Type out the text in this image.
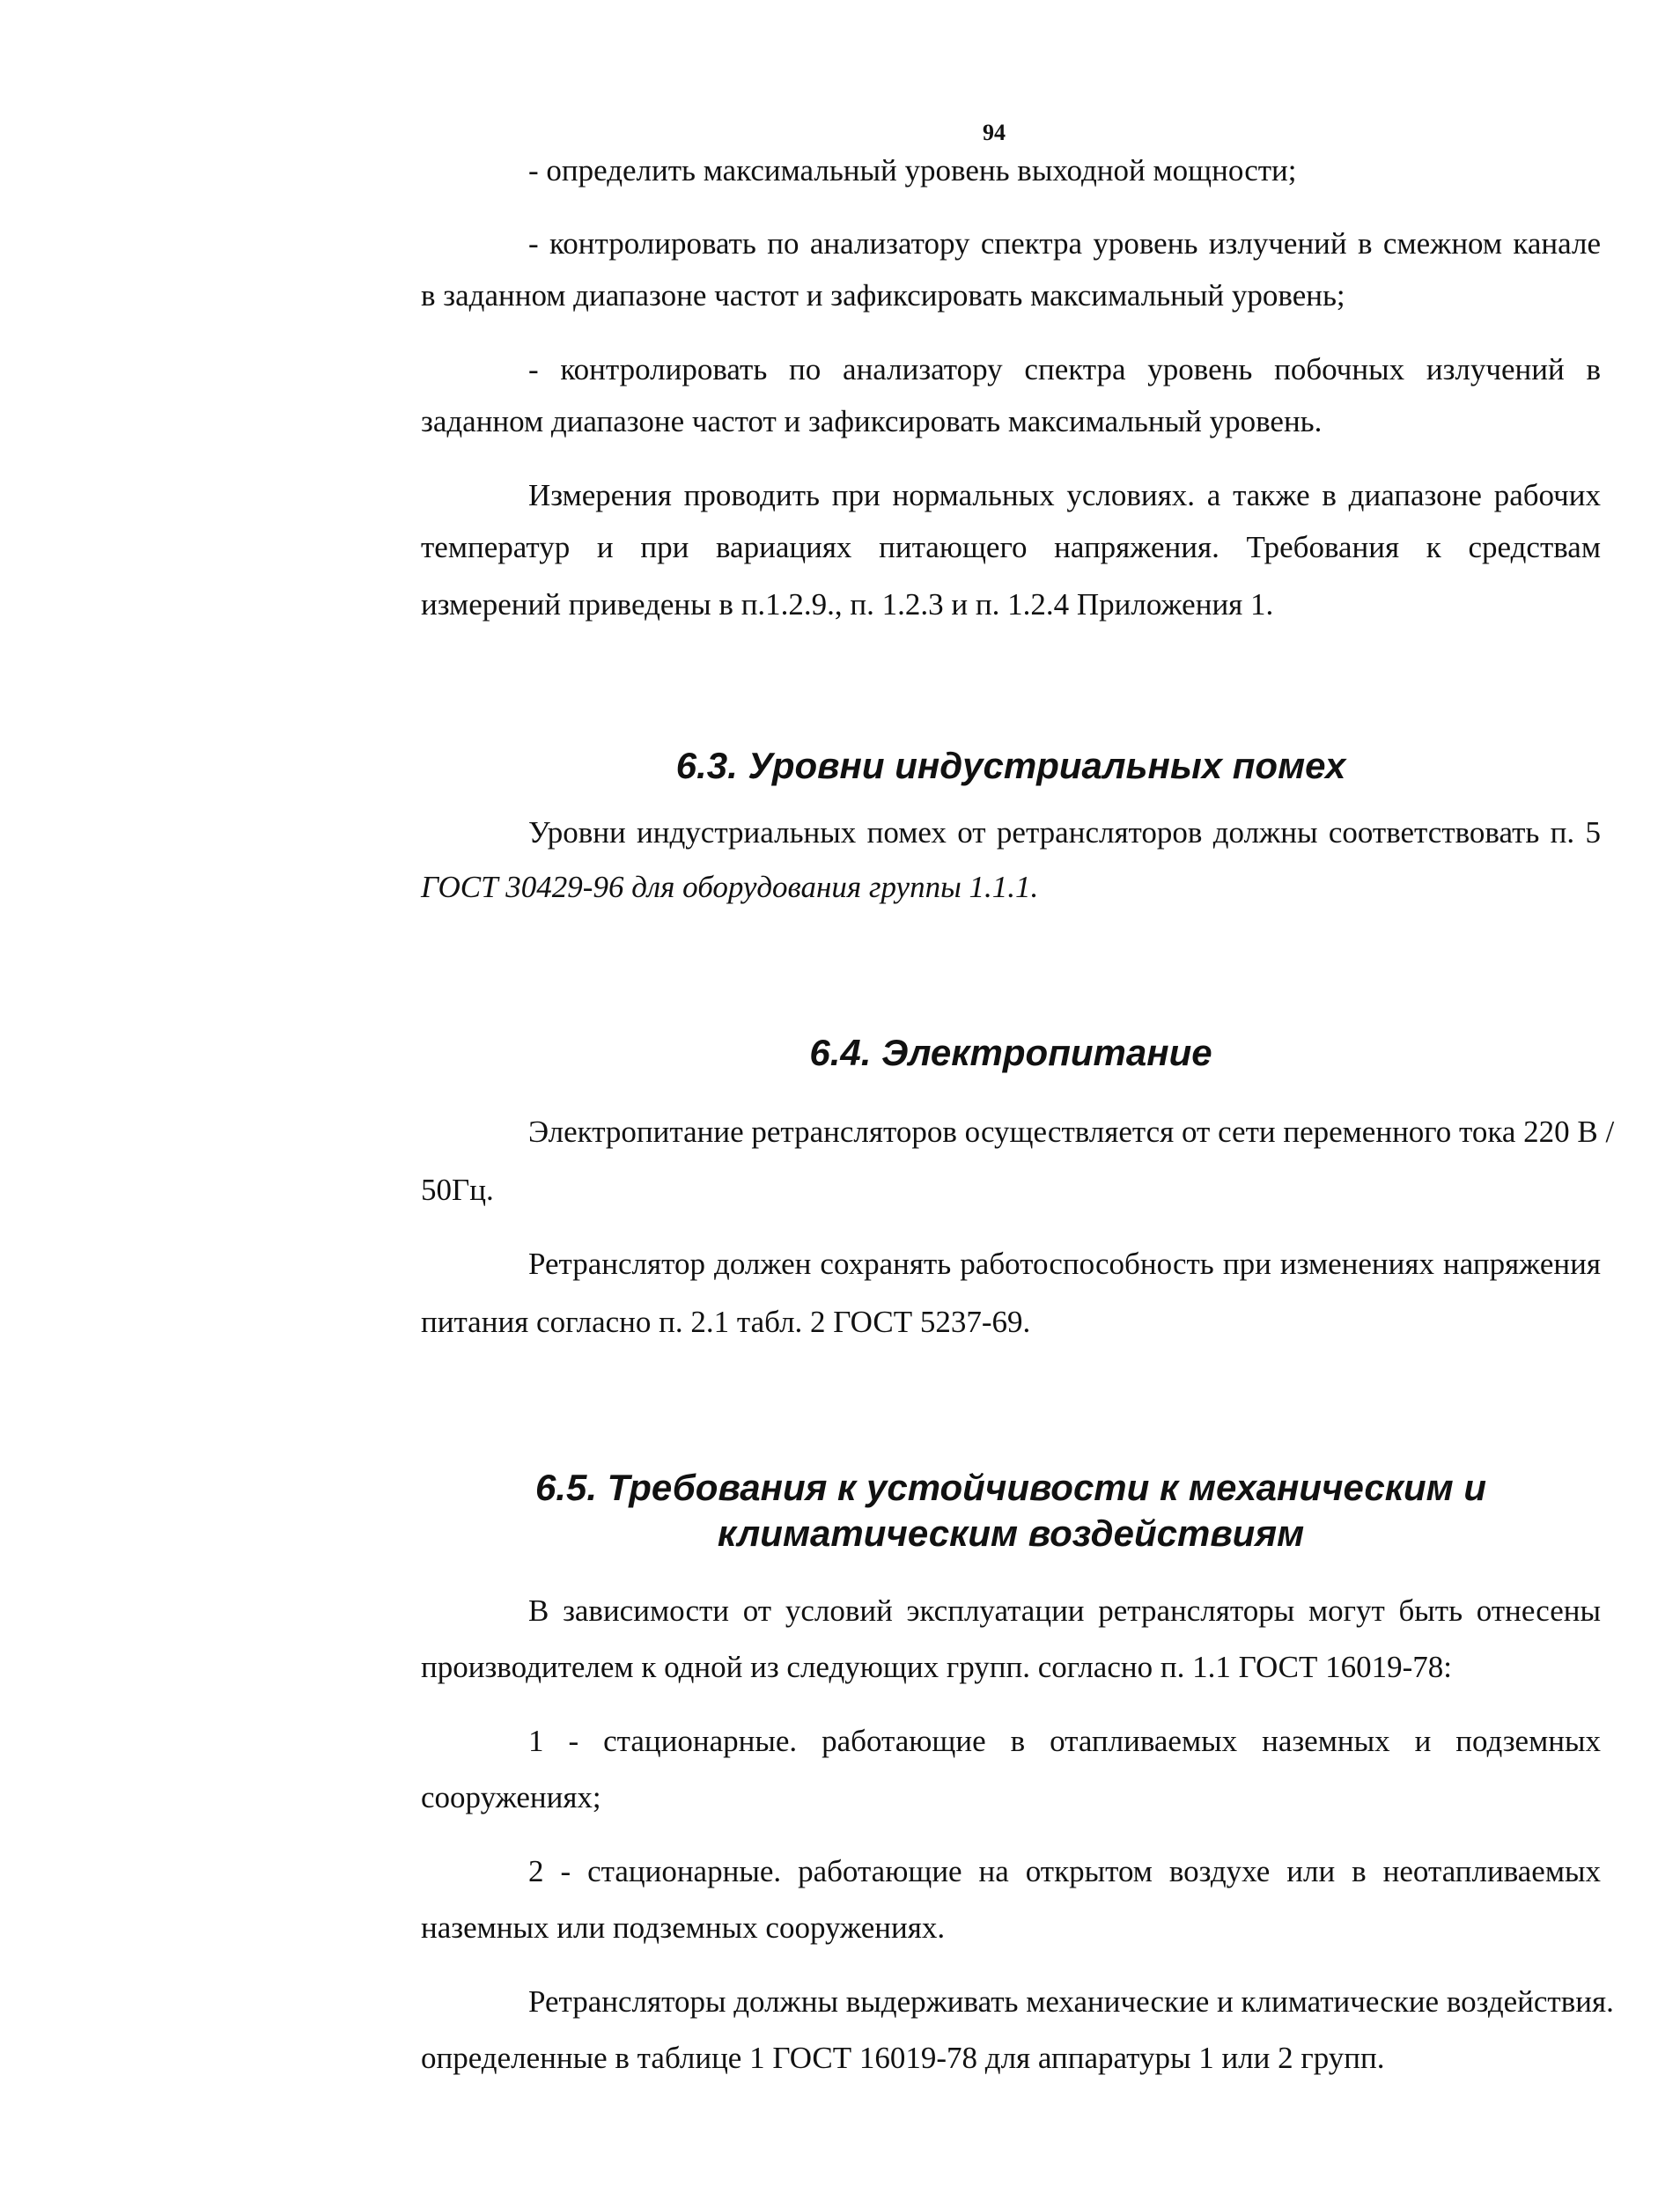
94
- определить максимальный уровень выходной мощности;
- контролировать по анализатору спектра уровень излучений в смежном канале
в заданном диапазоне частот и зафиксировать максимальный уровень;
- контролировать по анализатору спектра уровень побочных излучений в
заданном диапазоне частот и зафиксировать максимальный уровень.
Измерения проводить при нормальных условиях. а также в диапазоне рабочих
температур и при вариациях питающего напряжения. Требования к средствам
измерений приведены в п.1.2.9., п. 1.2.3 и п. 1.2.4 Приложения 1.
6.3. Уровни индустриальных помех
Уровни индустриальных помех от ретрансляторов должны соответствовать п. 5
ГОСТ 30429-96 для оборудования группы 1.1.1.
6.4. Электропитание
Электропитание ретрансляторов осуществляется от сети переменного тока 220 В /
50Гц.
Ретранслятор должен сохранять работоспособность при изменениях напряжения
питания согласно п. 2.1 табл. 2 ГОСТ 5237-69.
6.5. Требования к устойчивости к механическим и
климатическим воздействиям
В зависимости от условий эксплуатации ретрансляторы могут быть отнесены
производителем к одной из следующих групп. согласно п. 1.1 ГОСТ 16019-78:
1 - стационарные. работающие в отапливаемых наземных и подземных
сооружениях;
2 - стационарные. работающие на открытом воздухе или в неотапливаемых
наземных или подземных сооружениях.
Ретрансляторы должны выдерживать механические и климатические воздействия.
определенные в таблице 1 ГОСТ 16019-78 для аппаратуры 1 или 2 групп.
